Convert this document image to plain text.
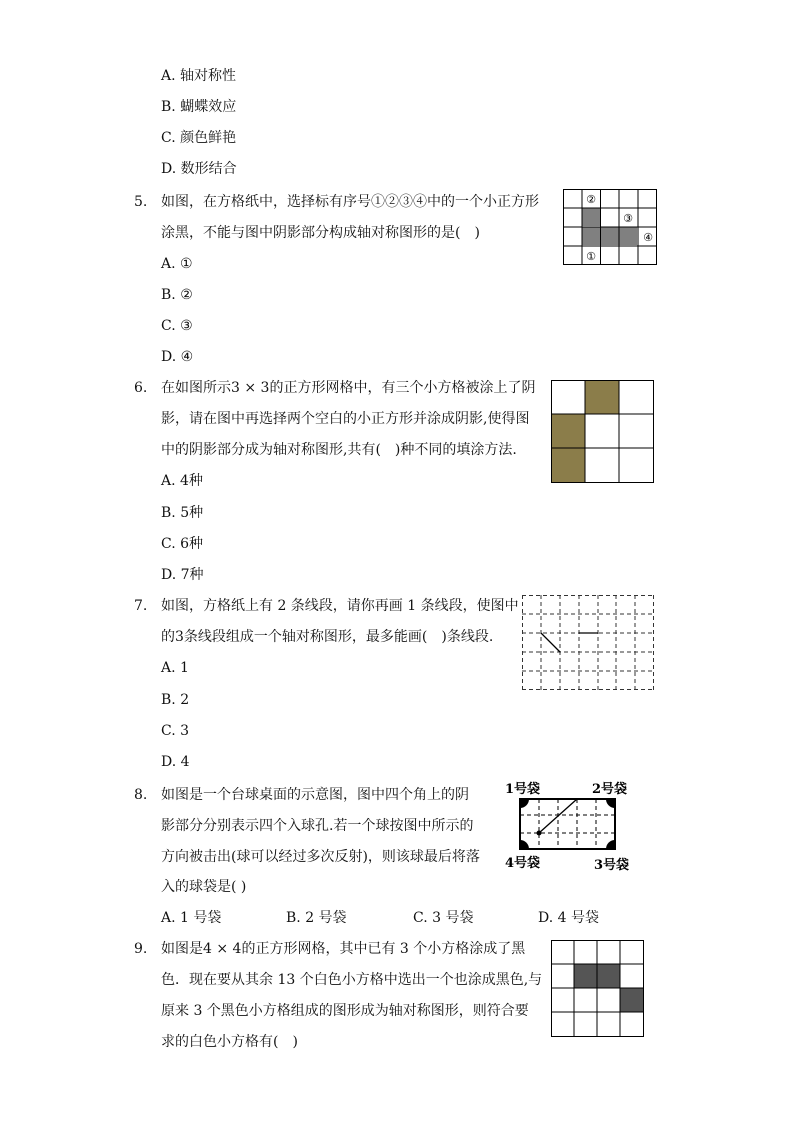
A. 轴对称性
B. 蝴蝶效应
C. 颜色鲜艳
D. 数形结合
5. 如图，在方格纸中，选择标有序号①②③④中的一个小正方形
涂黑，不能与图中阴影部分构成轴对称图形的是(　)
A. ①
B. ②
C. ③
D. ④
②
③
④
①
6. 在如图所示3 × 3的正方形网格中，有三个小方格被涂上了阴
影，请在图中再选择两个空白的小正方形并涂成阴影,使得图
中的阴影部分成为轴对称图形,共有(　)种不同的填涂方法.
A. 4种
B. 5种
C. 6种
D. 7种
7. 如图，方格纸上有 2 条线段，请你再画 1 条线段，使图中
的3条线段组成一个轴对称图形，最多能画(　)条线段.
A. 1
B. 2
C. 3
D. 4
8. 如图是一个台球桌面的示意图，图中四个角上的阴
影部分分别表示四个入球孔.若一个球按图中所示的
方向被击出(球可以经过多次反射)，则该球最后将落
入的球袋是( )
A. 1 号袋	B. 2 号袋	C. 3 号袋	D. 4 号袋
1号袋	2号袋
4号袋	3号袋
9. 如图是4 × 4的正方形网格，其中已有 3 个小方格涂成了黑
色．现在要从其余 13 个白色小方格中选出一个也涂成黑色,与
原来 3 个黑色小方格组成的图形成为轴对称图形，则符合要
求的白色小方格有(　)
